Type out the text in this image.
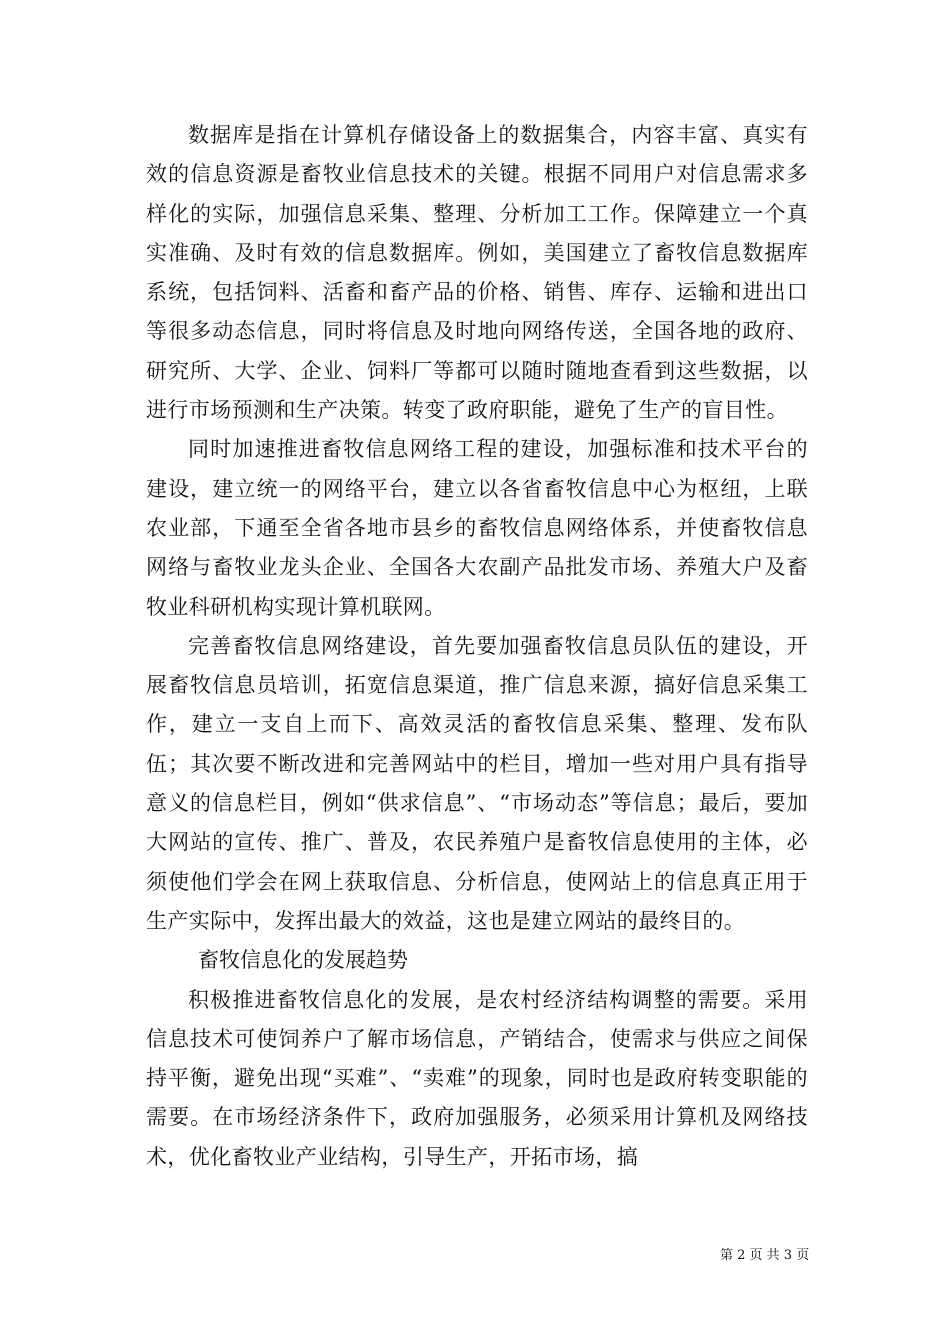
数据库是指在计算机存储设备上的数据集合，内容丰富、真实有效的信息资源是畜牧业信息技术的关键。根据不同用户对信息需求多样化的实际，加强信息采集、整理、分析加工工作。保障建立一个真实准确、及时有效的信息数据库。例如，美国建立了畜牧信息数据库系统，包括饲料、活畜和畜产品的价格、销售、库存、运输和进出口等很多动态信息，同时将信息及时地向网络传送，全国各地的政府、研究所、大学、企业、饲料厂等都可以随时随地查看到这些数据，以进行市场预测和生产决策。转变了政府职能，避免了生产的盲目性。

同时加速推进畜牧信息网络工程的建设，加强标准和技术平台的建设，建立统一的网络平台，建立以各省畜牧信息中心为枢纽，上联农业部，下通至全省各地市县乡的畜牧信息网络体系，并使畜牧信息网络与畜牧业龙头企业、全国各大农副产品批发市场、养殖大户及畜牧业科研机构实现计算机联网。

完善畜牧信息网络建设，首先要加强畜牧信息员队伍的建设，开展畜牧信息员培训，拓宽信息渠道，推广信息来源，搞好信息采集工作，建立一支自上而下、高效灵活的畜牧信息采集、整理、发布队伍；其次要不断改进和完善网站中的栏目，增加一些对用户具有指导意义的信息栏目，例如“供求信息”、“市场动态”等信息；最后，要加大网站的宣传、推广、普及，农民养殖户是畜牧信息使用的主体，必须使他们学会在网上获取信息、分析信息，使网站上的信息真正用于生产实际中，发挥出最大的效益，这也是建立网站的最终目的。

畜牧信息化的发展趋势

积极推进畜牧信息化的发展，是农村经济结构调整的需要。采用信息技术可使饲养户了解市场信息，产销结合，使需求与供应之间保持平衡，避免出现“买难”、“卖难”的现象，同时也是政府转变职能的需要。在市场经济条件下，政府加强服务，必须采用计算机及网络技术，优化畜牧业产业结构，引导生产，开拓市场，搞

第 2 页 共 3 页
